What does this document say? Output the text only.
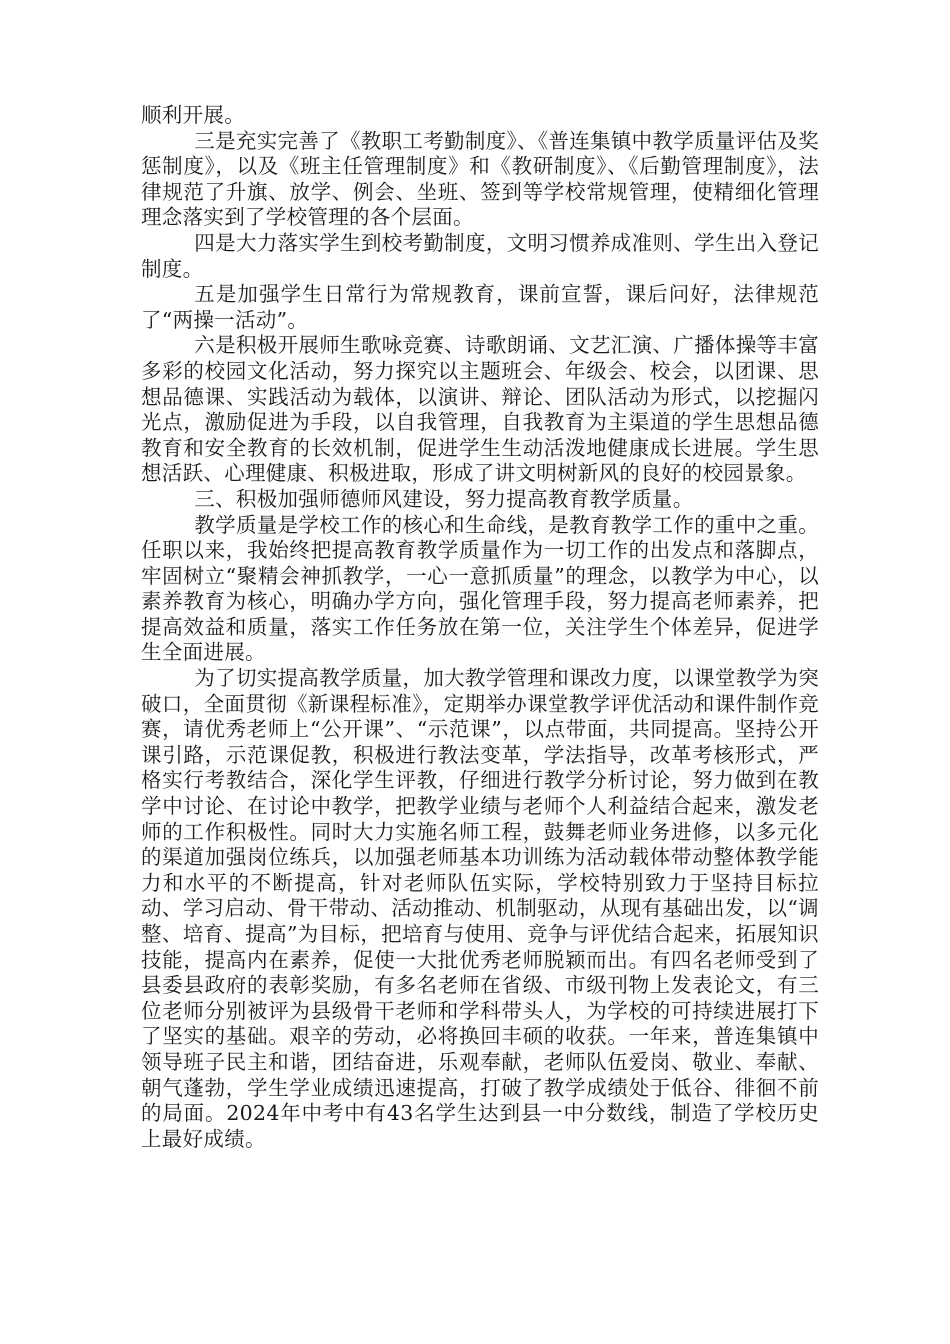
顺利开展。

三是充实完善了《教职工考勤制度》、《普连集镇中教学质量评估及奖惩制度》，以及《班主任管理制度》和《教研制度》、《后勤管理制度》，法律规范了升旗、放学、例会、坐班、签到等学校常规管理，使精细化管理理念落实到了学校管理的各个层面。

四是大力落实学生到校考勤制度，文明习惯养成准则、学生出入登记制度。

五是加强学生日常行为常规教育，课前宣誓，课后问好，法律规范了“两操一活动”。

六是积极开展师生歌咏竞赛、诗歌朗诵、文艺汇演、广播体操等丰富多彩的校园文化活动，努力探究以主题班会、年级会、校会，以团课、思想品德课、实践活动为载体，以演讲、辩论、团队活动为形式，以挖掘闪光点，激励促进为手段，以自我管理，自我教育为主渠道的学生思想品德教育和安全教育的长效机制，促进学生生动活泼地健康成长进展。学生思想活跃、心理健康、积极进取，形成了讲文明树新风的良好的校园景象。

三、积极加强师德师风建设，努力提高教育教学质量。

教学质量是学校工作的核心和生命线，是教育教学工作的重中之重。任职以来，我始终把提高教育教学质量作为一切工作的出发点和落脚点，牢固树立“聚精会神抓教学，一心一意抓质量”的理念，以教学为中心，以素养教育为核心，明确办学方向，强化管理手段，努力提高老师素养，把提高效益和质量，落实工作任务放在第一位，关注学生个体差异，促进学生全面进展。

为了切实提高教学质量，加大教学管理和课改力度，以课堂教学为突破口，全面贯彻《新课程标准》，定期举办课堂教学评优活动和课件制作竞赛，请优秀老师上“公开课”、“示范课”，以点带面，共同提高。坚持公开课引路，示范课促教，积极进行教法变革，学法指导，改革考核形式，严格实行考教结合，深化学生评教，仔细进行教学分析讨论，努力做到在教学中讨论、在讨论中教学，把教学业绩与老师个人利益结合起来，激发老师的工作积极性。同时大力实施名师工程，鼓舞老师业务进修，以多元化的渠道加强岗位练兵，以加强老师基本功训练为活动载体带动整体教学能力和水平的不断提高，针对老师队伍实际，学校特别致力于坚持目标拉动、学习启动、骨干带动、活动推动、机制驱动，从现有基础出发，以“调整、培育、提高”为目标，把培育与使用、竞争与评优结合起来，拓展知识技能，提高内在素养，促使一大批优秀老师脱颖而出。有四名老师受到了县委县政府的表彰奖励，有多名老师在省级、市级刊物上发表论文，有三位老师分别被评为县级骨干老师和学科带头人，为学校的可持续进展打下了坚实的基础。艰辛的劳动，必将换回丰硕的收获。一年来，普连集镇中领导班子民主和谐，团结奋进，乐观奉献，老师队伍爱岗、敬业、奉献、朝气蓬勃，学生学业成绩迅速提高，打破了教学成绩处于低谷、徘徊不前的局面。2024年中考中有43名学生达到县一中分数线，制造了学校历史上最好成绩。
